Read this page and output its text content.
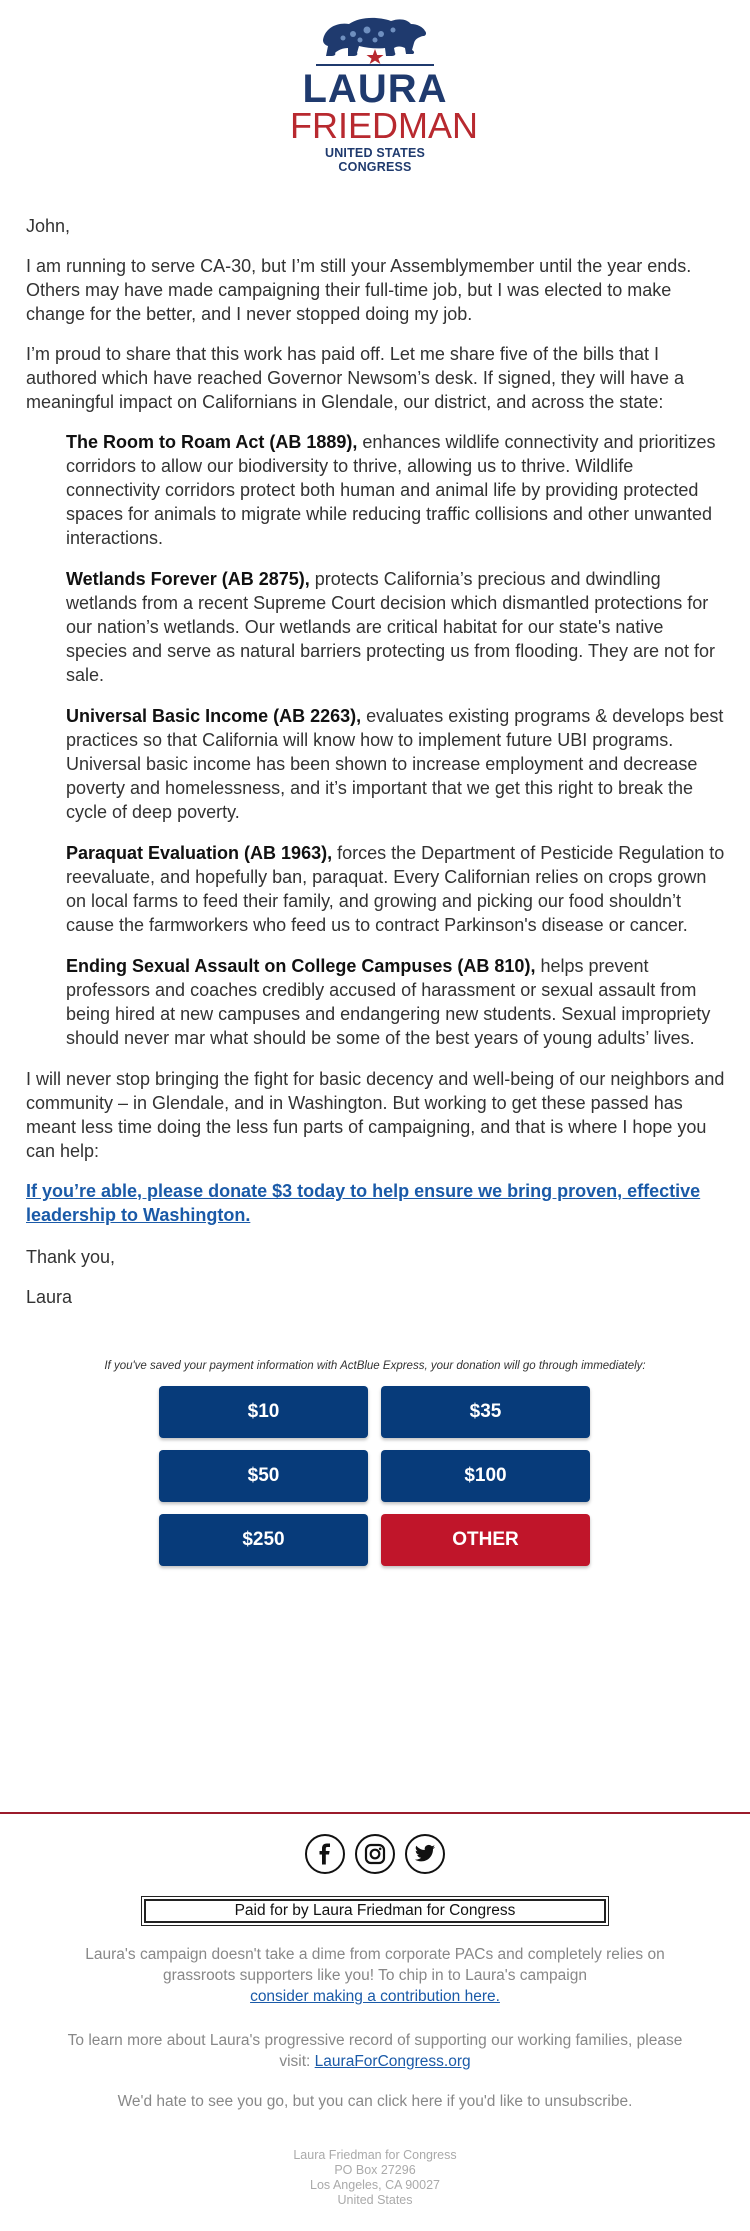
LAURA
FRIEDMAN
UNITED STATES CONGRESS

John,

I am running to serve CA-30, but I’m still your Assemblymember until the year ends. Others may have made campaigning their full-time job, but I was elected to make change for the better, and I never stopped doing my job.

I’m proud to share that this work has paid off. Let me share five of the bills that I authored which have reached Governor Newsom’s desk. If signed, they will have a meaningful impact on Californians in Glendale, our district, and across the state:

The Room to Roam Act (AB 1889), enhances wildlife connectivity and prioritizes corridors to allow our biodiversity to thrive, allowing us to thrive. Wildlife connectivity corridors protect both human and animal life by providing protected spaces for animals to migrate while reducing traffic collisions and other unwanted interactions.

Wetlands Forever (AB 2875), protects California’s precious and dwindling wetlands from a recent Supreme Court decision which dismantled protections for our nation’s wetlands. Our wetlands are critical habitat for our state's native species and serve as natural barriers protecting us from flooding. They are not for sale.

Universal Basic Income (AB 2263), evaluates existing programs & develops best practices so that California will know how to implement future UBI programs. Universal basic income has been shown to increase employment and decrease poverty and homelessness, and it’s important that we get this right to break the cycle of deep poverty.

Paraquat Evaluation (AB 1963), forces the Department of Pesticide Regulation to reevaluate, and hopefully ban, paraquat. Every Californian relies on crops grown on local farms to feed their family, and growing and picking our food shouldn’t cause the farmworkers who feed us to contract Parkinson's disease or cancer.

Ending Sexual Assault on College Campuses (AB 810), helps prevent professors and coaches credibly accused of harassment or sexual assault from being hired at new campuses and endangering new students. Sexual impropriety should never mar what should be some of the best years of young adults’ lives.

I will never stop bringing the fight for basic decency and well-being of our neighbors and community – in Glendale, and in Washington. But working to get these passed has meant less time doing the less fun parts of campaigning, and that is where I hope you can help:

If you’re able, please donate $3 today to help ensure we bring proven, effective leadership to Washington.

Thank you,

Laura

If you've saved your payment information with ActBlue Express, your donation will go through immediately:
$10	$35
$50	$100
$250	OTHER
Paid for by Laura Friedman for Congress
Laura's campaign doesn't take a dime from corporate PACs and completely relies on grassroots supporters like you! To chip in to Laura's campaign
consider making a contribution here.
To learn more about Laura's progressive record of supporting our working families, please visit: LauraForCongress.org
We'd hate to see you go, but you can click here if you'd like to unsubscribe.
Laura Friedman for Congress
PO Box 27296
Los Angeles, CA 90027
United States
